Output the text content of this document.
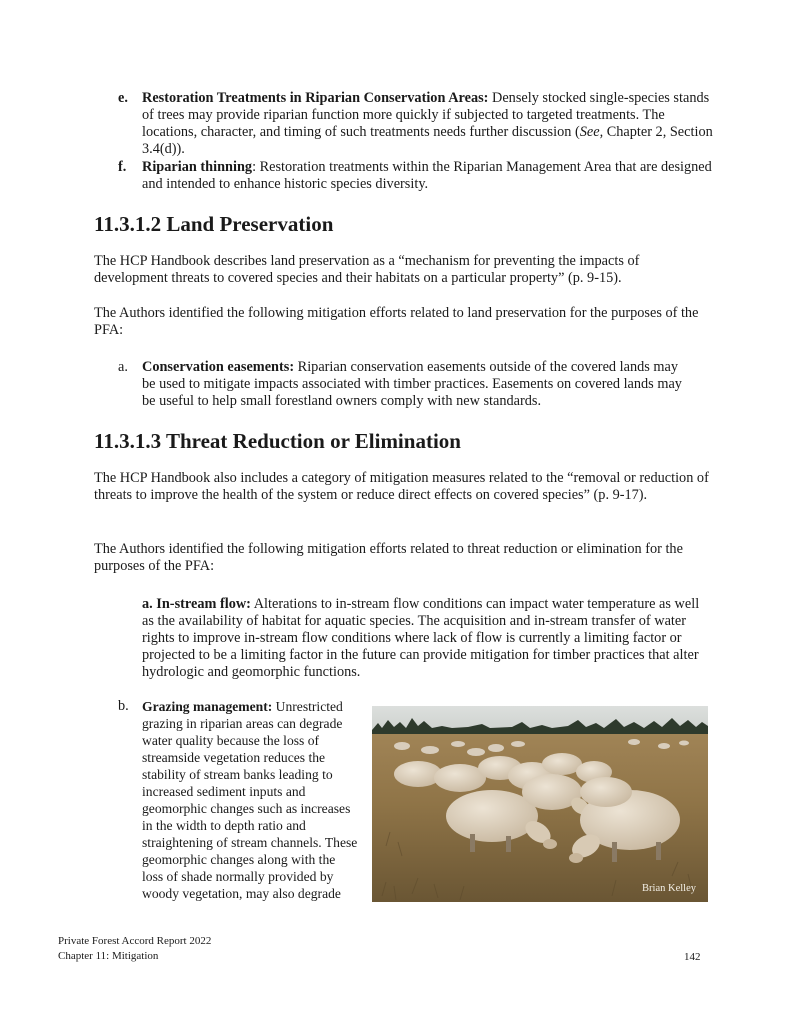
e. Restoration Treatments in Riparian Conservation Areas: Densely stocked single-species stands of trees may provide riparian function more quickly if subjected to targeted treatments. The locations, character, and timing of such treatments needs further discussion (See, Chapter 2, Section 3.4(d)).

f. Riparian thinning: Restoration treatments within the Riparian Management Area that are designed and intended to enhance historic species diversity.

11.3.1.2 Land Preservation

The HCP Handbook describes land preservation as a “mechanism for preventing the impacts of development threats to covered species and their habitats on a particular property” (p. 9-15).

The Authors identified the following mitigation efforts related to land preservation for the purposes of the PFA:

a. Conservation easements: Riparian conservation easements outside of the covered lands may be used to mitigate impacts associated with timber practices. Easements on covered lands may be useful to help small forestland owners comply with new standards.

11.3.1.3 Threat Reduction or Elimination

The HCP Handbook also includes a category of mitigation measures related to the “removal or reduction of threats to improve the health of the system or reduce direct effects on covered species” (p. 9-17).

The Authors identified the following mitigation efforts related to threat reduction or elimination for the purposes of the PFA:

a. In-stream flow: Alterations to in-stream flow conditions can impact water temperature as well as the availability of habitat for aquatic species. The acquisition and in-stream transfer of water rights to improve in-stream flow conditions where lack of flow is currently a limiting factor or projected to be a limiting factor in the future can provide mitigation for timber practices that alter hydrologic and geomorphic functions.

b. Grazing management: Unrestricted
grazing in riparian areas can degrade
water quality because the loss of
streamside vegetation reduces the
stability of stream banks leading to
increased sediment inputs and
geomorphic changes such as increases
in the width to depth ratio and
straightening of stream channels. These
geomorphic changes along with the
loss of shade normally provided by
woody vegetation, may also degrade	Brian Kelley
Private Forest Accord Report 2022
Chapter 11: Mitigation	142
